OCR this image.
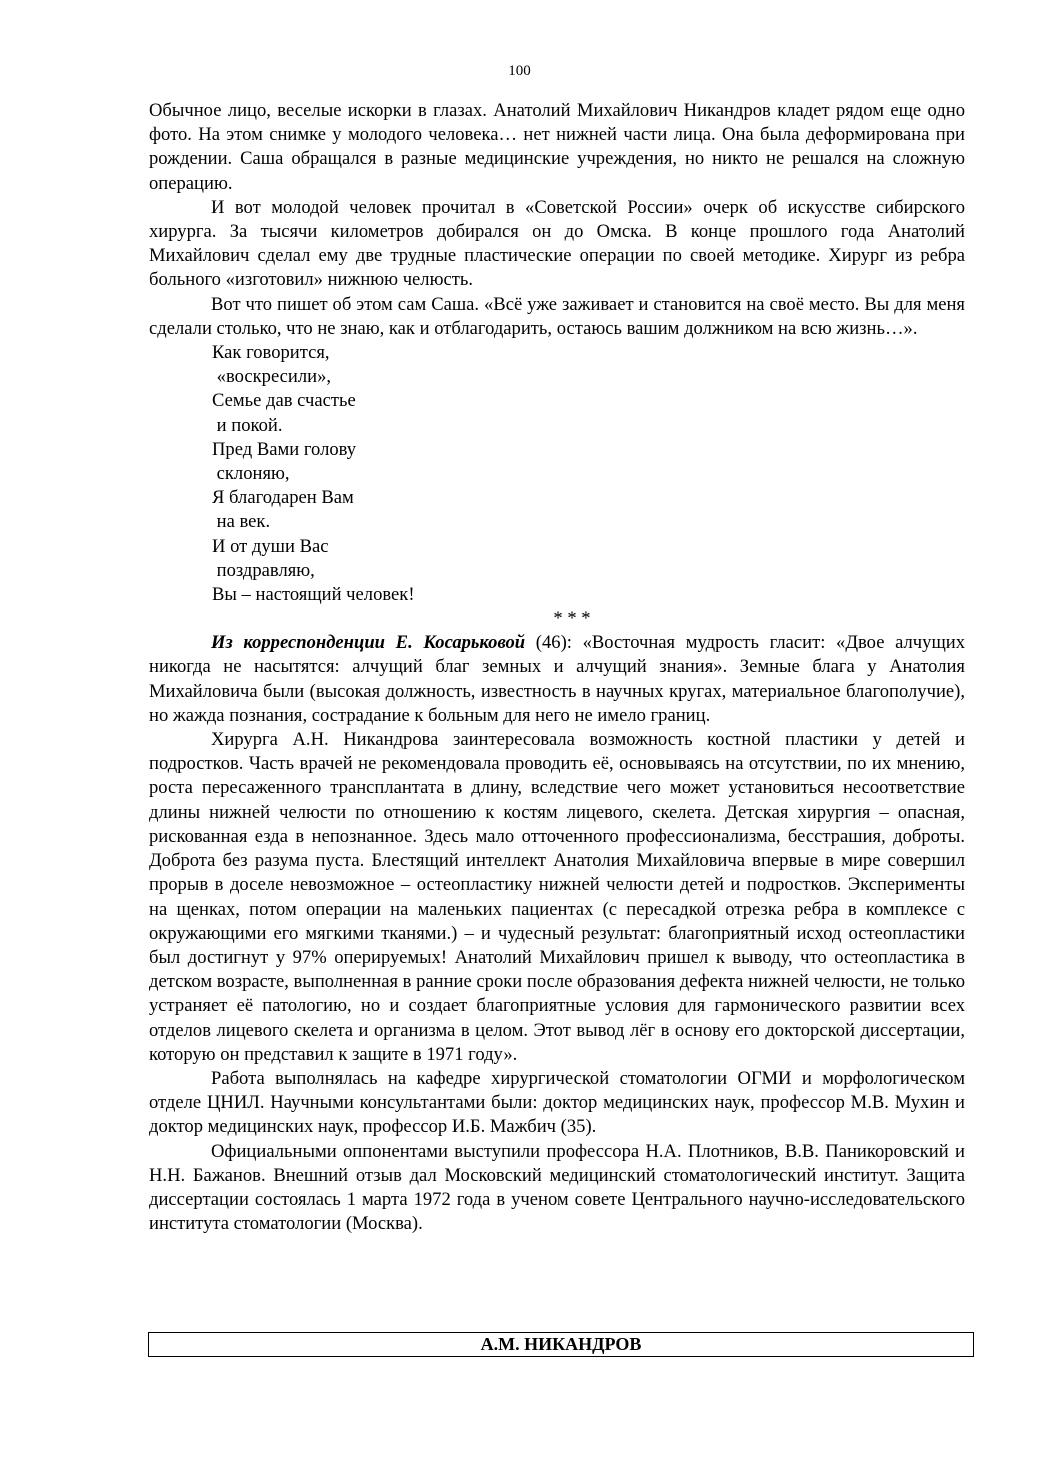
100

Обычное лицо, веселые искорки в глазах. Анатолий Михайлович Никандров кладет рядом еще одно фото. На этом снимке у молодого человека… нет нижней части лица. Она была деформирована при рождении. Саша обращался в разные медицинские учреждения, но никто не решался на сложную операцию.

И вот молодой человек прочитал в «Советской России» очерк об искусстве сибирского хирурга. За тысячи километров добирался он до Омска. В конце прошлого года Анатолий Михайлович сделал ему две трудные пластические операции по своей методике. Хирург из ребра больного «изготовил» нижнюю челюсть.

Вот что пишет об этом сам Саша. «Всё уже заживает и становится на своё место. Вы для меня сделали столько, что не знаю, как и отблагодарить, остаюсь вашим должником на всю жизнь…».

Как говорится,
«воскресили»,
Семье дав счастье
и покой.
Пред Вами голову
склоняю,
Я благодарен Вам
на век.
И от души Вас
поздравляю,
Вы – настоящий человек!

* * *

Из корреспонденции Е. Косарьковой (46): «Восточная мудрость гласит: «Двое алчущих никогда не насытятся: алчущий благ земных и алчущий знания». Земные блага у Анатолия Михайловича были (высокая должность, известность в научных кругах, материальное благополучие), но жажда познания, сострадание к больным для него не имело границ.

Хирурга А.Н. Никандрова заинтересовала возможность костной пластики у детей и подростков. Часть врачей не рекомендовала проводить её, основываясь на отсутствии, по их мнению, роста пересаженного трансплантата в длину, вследствие чего может установиться несоответствие длины нижней челюсти по отношению к костям лицевого, скелета. Детская хирургия – опасная, рискованная езда в непознанное. Здесь мало отточенного профессионализма, бесстрашия, доброты. Доброта без разума пуста. Блестящий интеллект Анатолия Михайловича впервые в мире совершил прорыв в доселе невозможное – остеопластику нижней челюсти детей и подростков. Эксперименты на щенках, потом операции на маленьких пациентах (с пересадкой отрезка ребра в комплексе с окружающими его мягкими тканями.) – и чудесный результат: благоприятный исход остеопластики был достигнут у 97% оперируемых! Анатолий Михайлович пришел к выводу, что остеопластика в детском возрасте, выполненная в ранние сроки после образования дефекта нижней челюсти, не только устраняет её патологию, но и создает благоприятные условия для гармонического развитии всех отделов лицевого скелета и организма в целом. Этот вывод лёг в основу его докторской диссертации, которую он представил к защите в 1971 году».

Работа выполнялась на кафедре хирургической стоматологии ОГМИ и морфологическом отделе ЦНИЛ. Научными консультантами были: доктор медицинских наук, профессор М.В. Мухин и доктор медицинских наук, профессор И.Б. Мажбич (35).

Официальными оппонентами выступили профессора Н.А. Плотников, В.В. Паникоровский и Н.Н. Бажанов. Внешний отзыв дал Московский медицинский стоматологический институт. Защита диссертации состоялась 1 марта 1972 года в ученом совете Центрального научно-исследовательского института стоматологии (Москва).

А.М. НИКАНДРОВ
